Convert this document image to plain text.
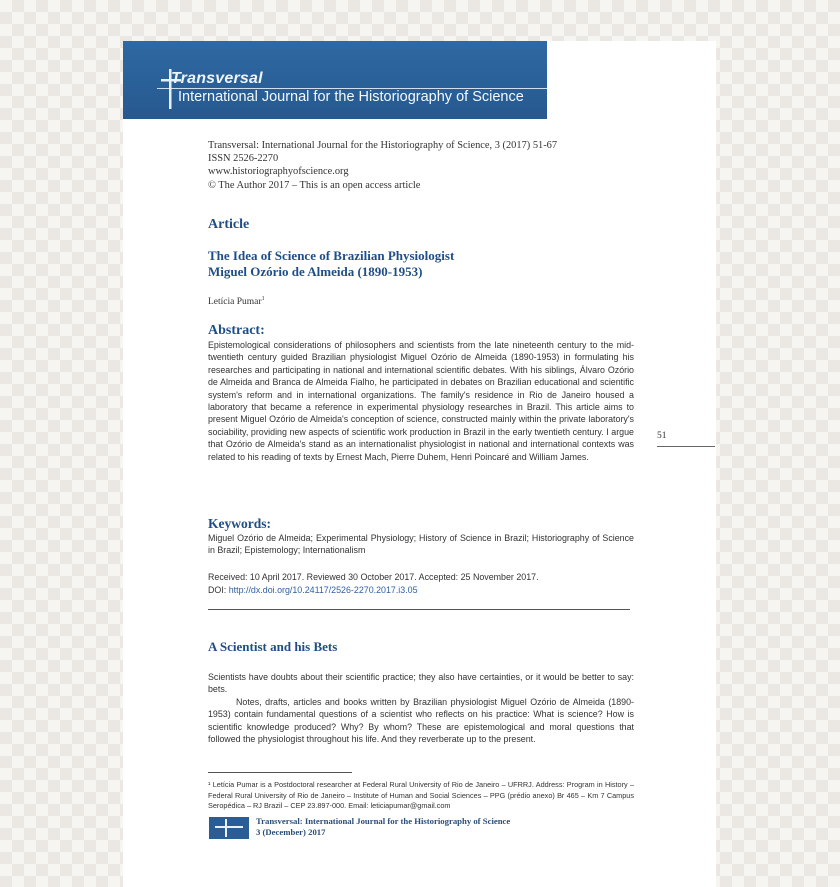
Transversal
International Journal for the Historiography of Science
Transversal: International Journal for the Historiography of Science, 3 (2017) 51-67
ISSN 2526-2270
www.historiographyofscience.org
© The Author 2017 – This is an open access article
Article
The Idea of Science of Brazilian Physiologist
Miguel Ozório de Almeida (1890-1953)
Letícia Pumar$^1$
Abstract:
Epistemological considerations of philosophers and scientists from the late nineteenth century to the mid-twentieth century guided Brazilian physiologist Miguel Ozório de Almeida (1890-1953) in formulating his researches and participating in national and international scientific debates. With his siblings, Álvaro Ozório de Almeida and Branca de Almeida Fialho, he participated in debates on Brazilian educational and scientific system's reform and in international organizations. The family's residence in Rio de Janeiro housed a laboratory that became a reference in experimental physiology researches in Brazil. This article aims to present Miguel Ozório de Almeida's conception of science, constructed mainly within the private laboratory's sociability, providing new aspects of scientific work production in Brazil in the early twentieth century. I argue that Ozório de Almeida's stand as an internationalist physiologist in national and international contexts was related to his reading of texts by Ernest Mach, Pierre Duhem, Henri Poincaré and William James.
Keywords:
Miguel Ozório de Almeida; Experimental Physiology; History of Science in Brazil; Historiography of Science in Brazil; Epistemology; Internationalism
Received: 10 April 2017. Reviewed 30 October 2017. Accepted: 25 November 2017.
DOI: http://dx.doi.org/10.24117/2526-2270.2017.i3.05
A Scientist and his Bets

Scientists have doubts about their scientific practice; they also have certainties, or it would be better to say: bets.

Notes, drafts, articles and books written by Brazilian physiologist Miguel Ozório de Almeida (1890-1953) contain fundamental questions of a scientist who reflects on his practice: What is science? How is scientific knowledge produced? Why? By whom? These are epistemological and moral questions that followed the physiologist throughout his life. And they reverberate up to the present.

¹ Letícia Pumar is a Postdoctoral researcher at Federal Rural University of Rio de Janeiro – UFRRJ. Address: Program in History – Federal Rural University of Rio de Janeiro – Institute of Human and Social Sciences – PPG (prédio anexo) Br 465 – Km 7 Campus Seropédica – RJ Brazil – CEP 23.897-000. Email: leticiapumar@gmail.com
Transversal: International Journal for the Historiography of Science
3 (December) 2017
51
